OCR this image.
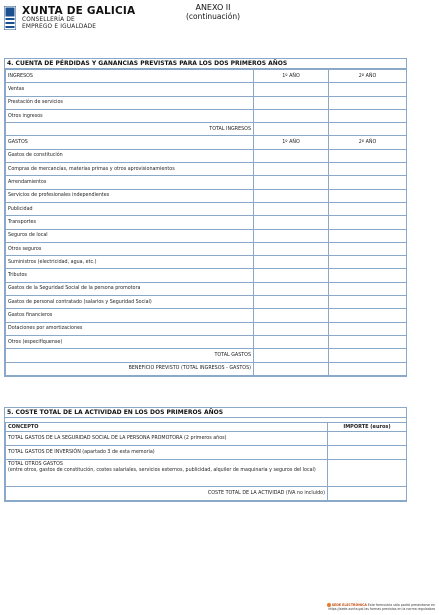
XUNTA DE GALICIA
CONSELLERÍA DE
EMPREGO E IGUALDADE
ANEXO II
(continuación)
4. CUENTA DE PÉRDIDAS Y GANANCIAS PREVISTAS PARA LOS DOS PRIMEROS AÑOS
INGRESOS	1º AÑO	2º AÑO
Ventas		
Prestación de servicios		
Otros ingresos		
TOTAL INGRESOS		
GASTOS	1º AÑO	2º AÑO
Gastos de constitución		
Compras de mercancías, materias primas y otros aprovisionamientos		
Arrendamientos		
Servicios de profesionales independientes		
Publicidad		
Transportes		
Seguros de local		
Otros seguros		
Suministros (electricidad, agua, etc.)		
Tributos		
Gastos de la Seguridad Social de la persona promotora		
Gastos de personal contratado (salarios y Seguridad Social)		
Gastos financieros		
Dotaciones por amortizaciones		
Otros (especifíquense)		
TOTAL GASTOS		
BENEFICIO PREVISTO (TOTAL INGRESOS - GASTOS)		
5. COSTE TOTAL DE LA ACTIVIDAD EN LOS DOS PRIMEROS AÑOS
CONCEPTO	IMPORTE (euros)
TOTAL GASTOS DE LA SEGURIDAD SOCIAL DE LA PERSONA PROMOTORA (2 primeros años)	
TOTAL GASTOS DE INVERSIÓN (apartado 3 de esta memoria)	

TOTAL OTROS GASTOS
(entre otros, gastos de constitución, costes salariales, servicios externos, publicidad, alquiler de maquinaria y seguros del local)	

COSTE TOTAL DE LA ACTIVIDAD (IVA no incluido)	
SEDE ELECTRÓNICA Este formulario sólo podrá presentarse en
https://sede.xunta.gal las formas previstas en la norma reguladora
